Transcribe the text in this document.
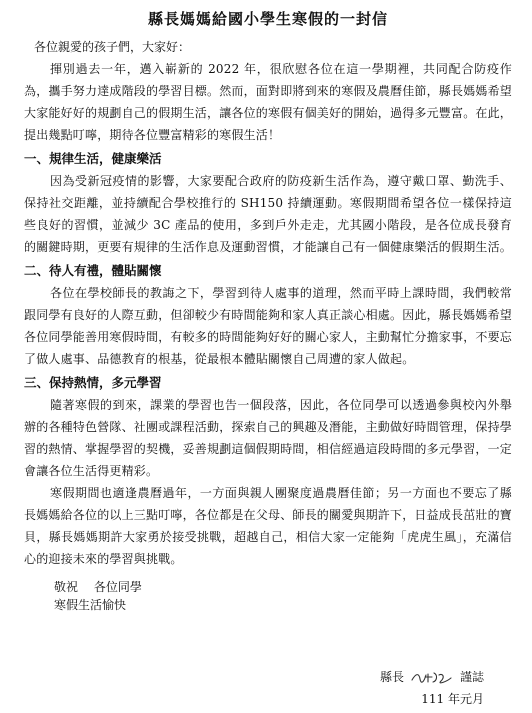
縣長媽媽給國小學生寒假的一封信
各位親愛的孩子們，大家好：

揮別過去一年，邁入嶄新的 2022 年，很欣慰各位在這一學期裡，共同配合防疫作為，攜手努力達成階段的學習目標。然而，面對即將到來的寒假及農曆佳節，縣長媽媽希望大家能好好的規劃自己的假期生活，讓各位的寒假有個美好的開始，過得多元豐富。在此，提出幾點叮嚀，期待各位豐富精彩的寒假生活！

一、規律生活，健康樂活

因為受新冠疫情的影響，大家要配合政府的防疫新生活作為，遵守戴口罩、勤洗手、保持社交距離，並持續配合學校推行的 SH150 持續運動。寒假期間希望各位一樣保持這些良好的習慣，並減少 3C 產品的使用，多到戶外走走，尤其國小階段，是各位成長發育的關鍵時期，更要有規律的生活作息及運動習慣，才能讓自己有一個健康樂活的假期生活。

二、待人有禮，體貼關懷

各位在學校師長的教誨之下，學習到待人處事的道理，然而平時上課時間，我們較常跟同學有良好的人際互動，但卻較少有時間能夠和家人真正談心相處。因此，縣長媽媽希望各位同學能善用寒假時間，有較多的時間能夠好好的關心家人，主動幫忙分擔家事，不要忘了做人處事、品德教育的根基，從最根本體貼關懷自己周遭的家人做起。

三、保持熱情，多元學習

隨著寒假的到來，課業的學習也告一個段落，因此，各位同學可以透過參與校內外舉辦的各種特色營隊、社團或課程活動，探索自己的興趣及潛能，主動做好時間管理，保持學習的熱情、掌握學習的契機，妥善規劃這個假期時間，相信經過這段時間的多元學習，一定會讓各位生活得更精彩。

寒假期間也適逢農曆過年，一方面與親人團聚度過農曆佳節；另一方面也不要忘了縣長媽媽給各位的以上三點叮嚀，各位都是在父母、師長的關愛與期許下，日益成長茁壯的寶貝，縣長媽媽期許大家勇於接受挑戰，超越自己，相信大家一定能夠「虎虎生風」，充滿信心的迎接未來的學習與挑戰。

敬祝 各位同學
寒假生活愉快
縣長	謹誌
111 年元月
